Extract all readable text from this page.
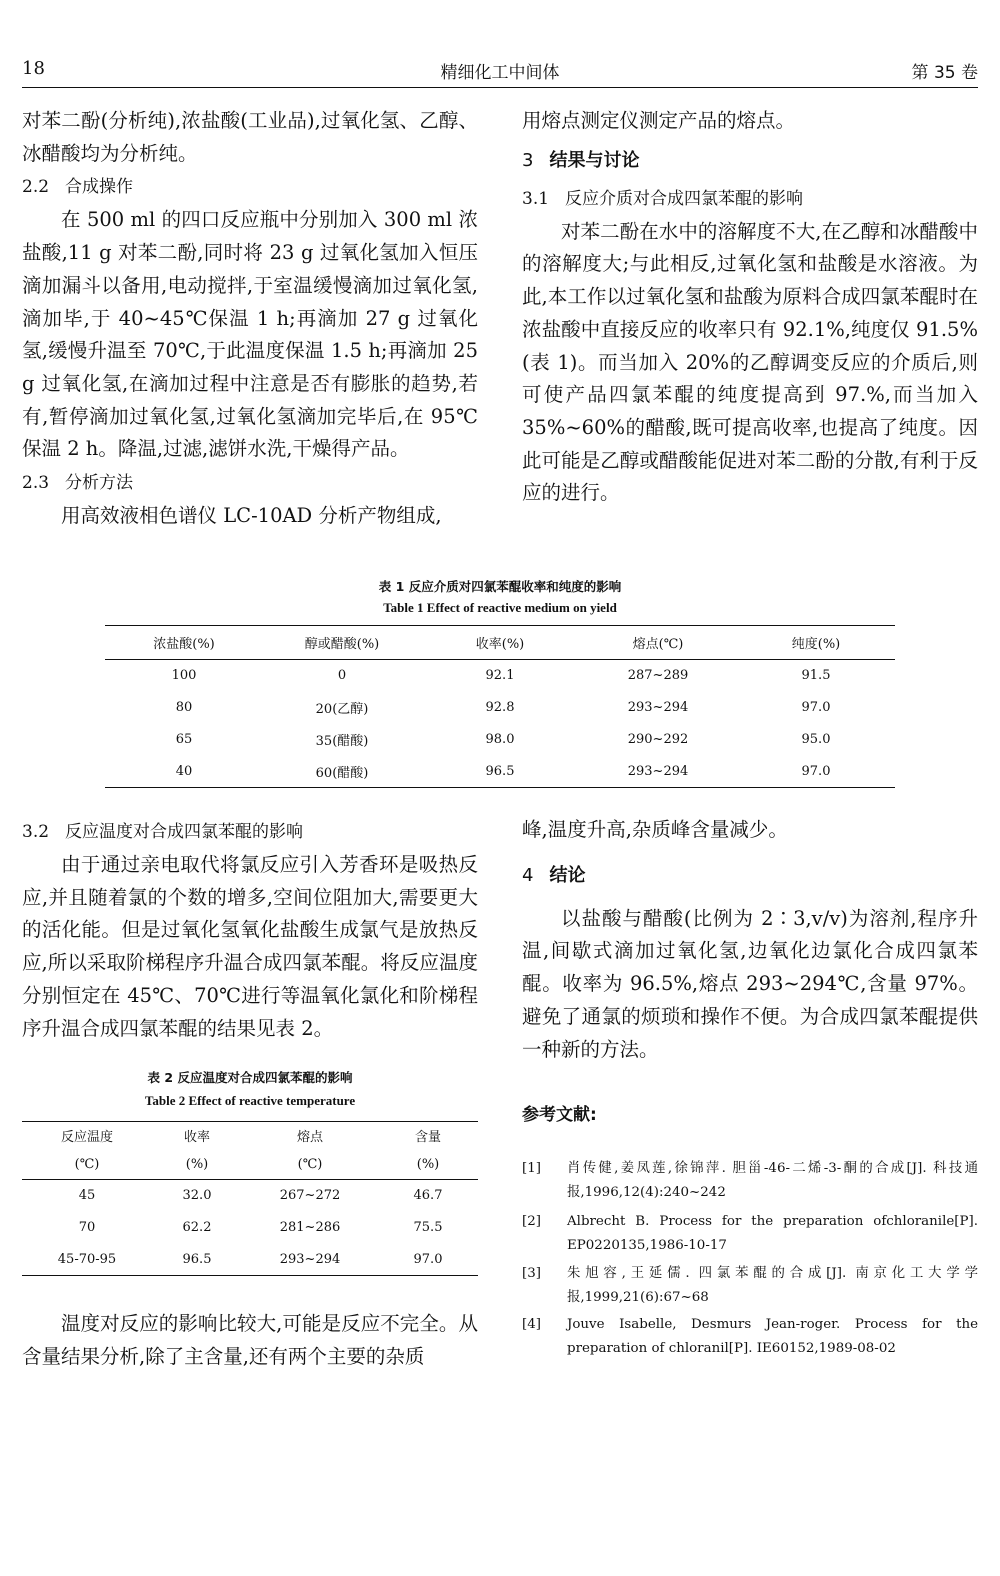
18	精细化工中间体	第 35 卷

对苯二酚(分析纯),浓盐酸(工业品),过氧化氢、乙醇、冰醋酸均为分析纯。

2.2 合成操作

在 500 ml 的四口反应瓶中分别加入 300 ml 浓盐酸,11 g 对苯二酚,同时将 23 g 过氧化氢加入恒压滴加漏斗以备用,电动搅拌,于室温缓慢滴加过氧化氢,滴加毕,于 40~45℃保温 1 h;再滴加 27 g 过氧化氢,缓慢升温至 70℃,于此温度保温 1.5 h;再滴加 25 g 过氧化氢,在滴加过程中注意是否有膨胀的趋势,若有,暂停滴加过氧化氢,过氧化氢滴加完毕后,在 95℃保温 2 h。降温,过滤,滤饼水洗,干燥得产品。

2.3 分析方法

用高效液相色谱仪 LC-10AD 分析产物组成,

用熔点测定仪测定产品的熔点。

3 结果与讨论
3.1 反应介质对合成四氯苯醌的影响

对苯二酚在水中的溶解度不大,在乙醇和冰醋酸中的溶解度大;与此相反,过氧化氢和盐酸是水溶液。为此,本工作以过氧化氢和盐酸为原料合成四氯苯醌时在浓盐酸中直接反应的收率只有 92.1%,纯度仅 91.5%(表 1)。而当加入 20%的乙醇调变反应的介质后,则可使产品四氯苯醌的纯度提高到 97.%,而当加入 35%~60%的醋酸,既可提高收率,也提高了纯度。因此可能是乙醇或醋酸能促进对苯二酚的分散,有利于反应的进行。

表 1 反应介质对四氯苯醌收率和纯度的影响
Table 1 Effect of reactive medium on yield
浓盐酸(%)	醇或醋酸(%)	收率(%)	熔点(℃)	纯度(%)
100	0	92.1	287~289	91.5
80	20(乙醇)	92.8	293~294	97.0
65	35(醋酸)	98.0	290~292	95.0
40	60(醋酸)	96.5	293~294	97.0
3.2 反应温度对合成四氯苯醌的影响

由于通过亲电取代将氯反应引入芳香环是吸热反应,并且随着氯的个数的增多,空间位阻加大,需要更大的活化能。但是过氧化氢氧化盐酸生成氯气是放热反应,所以采取阶梯程序升温合成四氯苯醌。将反应温度分别恒定在 45℃、70℃进行等温氧化氯化和阶梯程序升温合成四氯苯醌的结果见表 2。

表 2 反应温度对合成四氯苯醌的影响
Table 2 Effect of reactive temperature
反应温度	收率	熔点	含量
(℃)	(%)	(℃)	(%)
45	32.0	267~272	46.7
70	62.2	281~286	75.5
45-70-95	96.5	293~294	97.0

温度对反应的影响比较大,可能是反应不完全。从含量结果分析,除了主含量,还有两个主要的杂质

峰,温度升高,杂质峰含量减少。

4 结论

以盐酸与醋酸(比例为 2∶3,v/v)为溶剂,程序升温,间歇式滴加过氧化氢,边氧化边氯化合成四氯苯醌。收率为 96.5%,熔点 293~294℃,含量 97%。避免了通氯的烦琐和操作不便。为合成四氯苯醌提供一种新的方法。

参考文献:
[1] 肖传健,姜凤莲,徐锦萍. 胆甾-46-二烯-3-酮的合成[J]. 科技通报,1996,12(4):240~242
[2] Albrecht B. Process for the preparation ofchloranile[P]. EP0220135,1986-10-17
[3] 朱旭容,王延儒. 四氯苯醌的合成[J]. 南京化工大学学报,1999,21(6):67~68
[4] Jouve Isabelle, Desmurs Jean-roger. Process for the preparation of chloranil[P]. IE60152,1989-08-02
